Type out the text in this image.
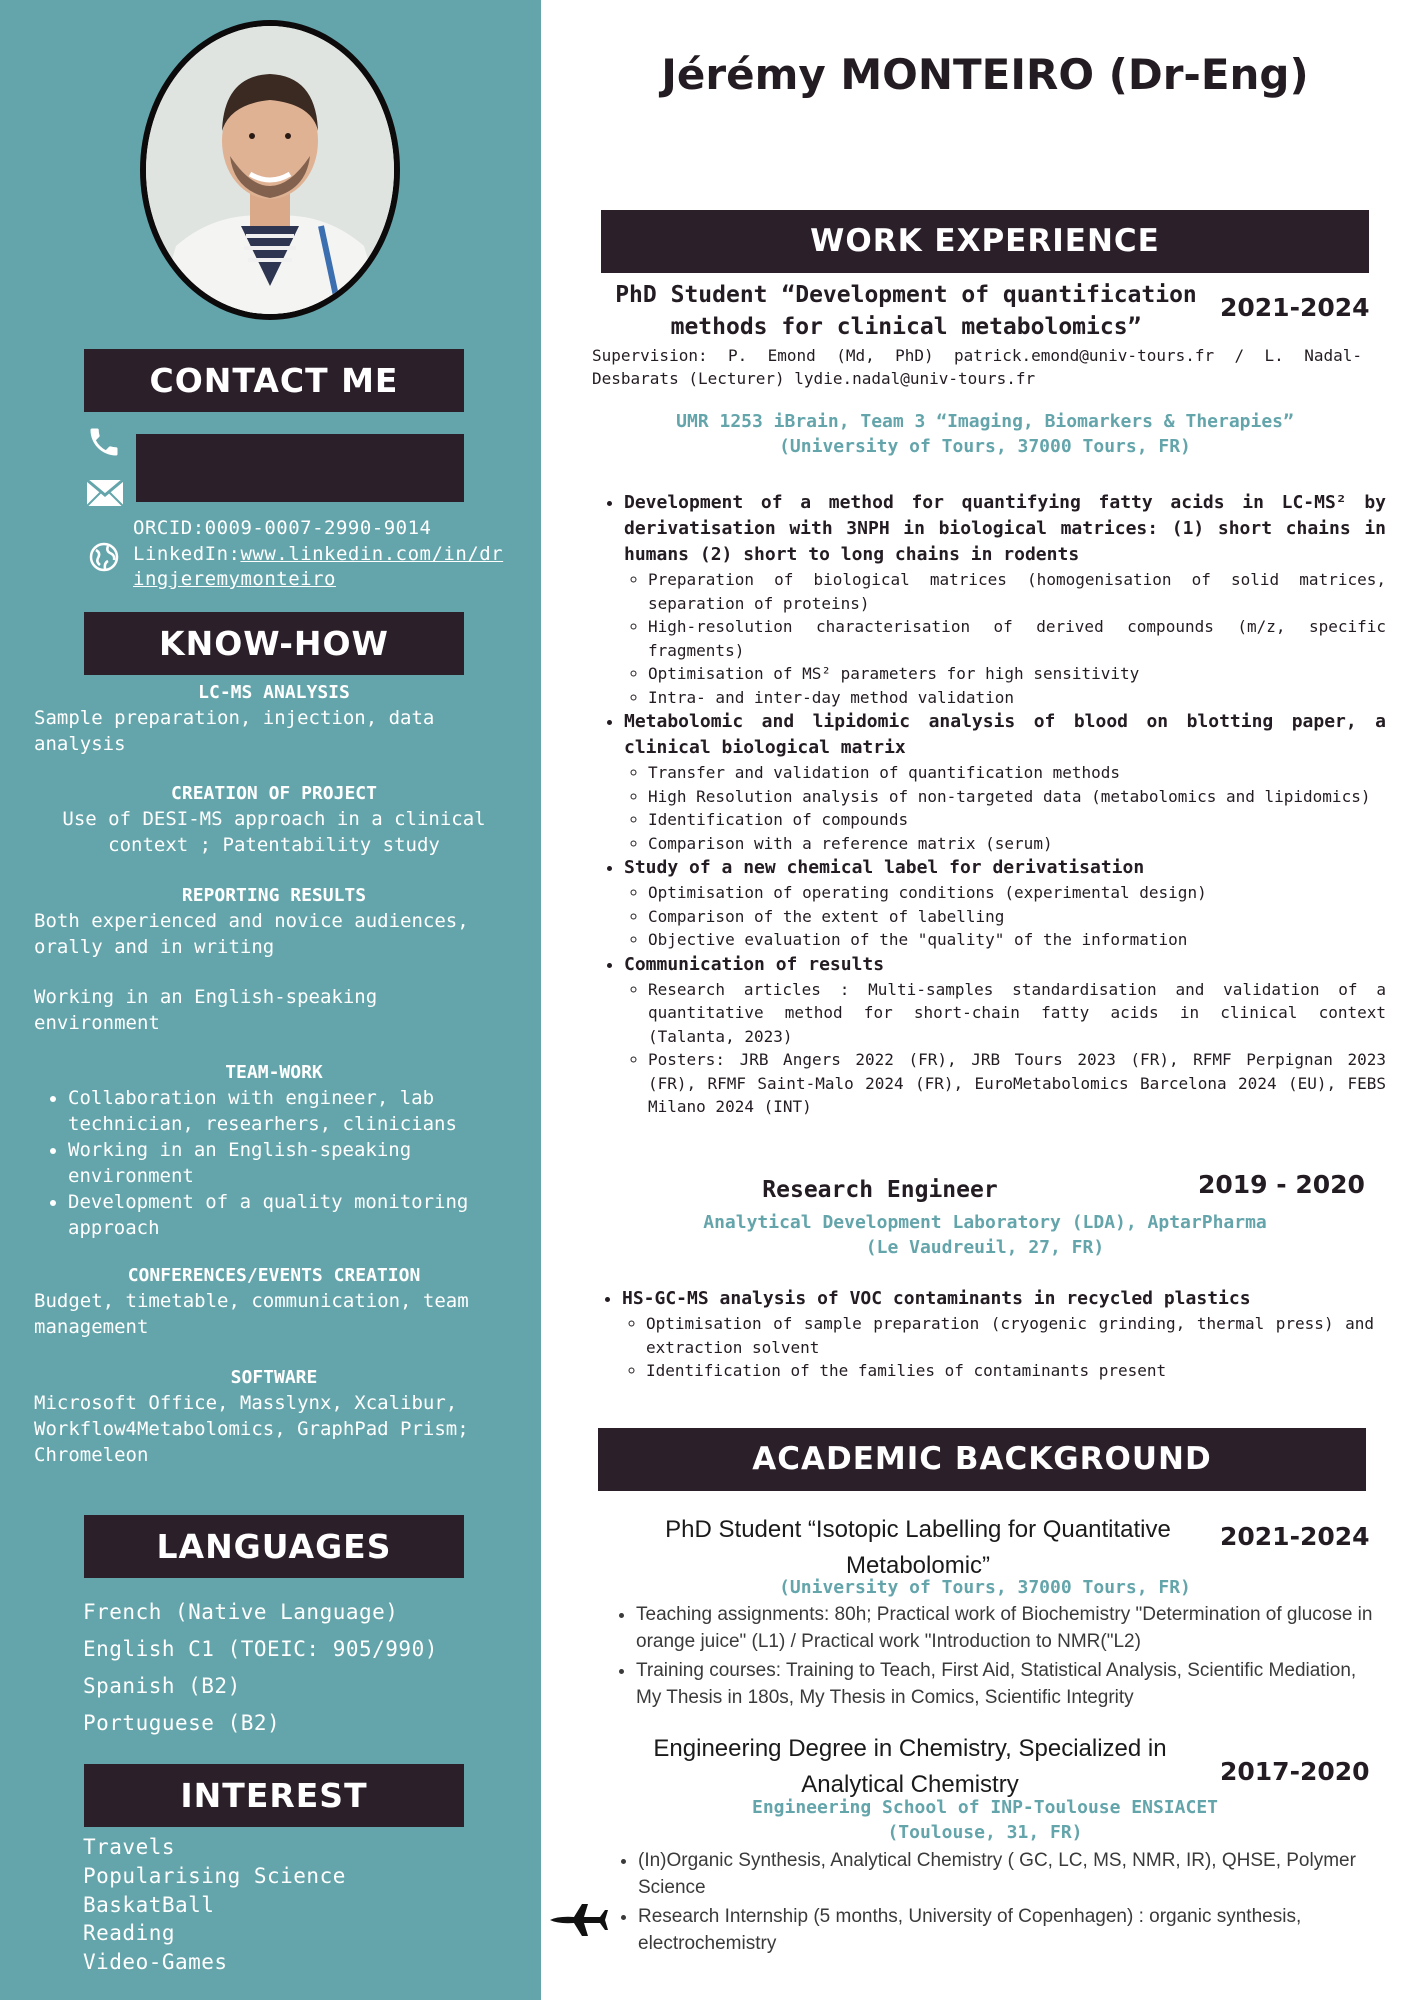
CONTACT ME
ORCID:0009-0007-2990-9014
LinkedIn:www.linkedin.com/in/dringjeremymonteiro
KNOW-HOW
LC-MS ANALYSIS
Sample preparation, injection, data analysis
CREATION OF PROJECT
Use of DESI-MS approach in a clinical context ; Patentability study
REPORTING RESULTS
Both experienced and novice audiences, orally and in writing
Working in an English-speaking environment
TEAM-WORK
• Collaboration with engineer, lab technician, researhers, clinicians
• Working in an English-speaking environment
• Development of a quality monitoring approach
CONFERENCES/EVENTS CREATION
Budget, timetable, communication, team management
SOFTWARE
Microsoft Office, Masslynx, Xcalibur, Workflow4Metabolomics, GraphPad Prism; Chromeleon
LANGUAGES
French (Native Language)
English C1 (TOEIC: 905/990)
Spanish (B2)
Portuguese (B2)
INTEREST
Travels
Popularising Science
BaskatBall
Reading
Video-Games
Jérémy MONTEIRO (Dr-Eng)
WORK EXPERIENCE
PhD Student “Development of quantification methods for clinical metabolomics”
2021-2024
Supervision: P. Emond (Md, PhD) patrick.emond@univ-tours.fr / L. Nadal-Desbarats (Lecturer) lydie.nadal@univ-tours.fr
UMR 1253 iBrain, Team 3 “Imaging, Biomarkers & Therapies”
(University of Tours, 37000 Tours, FR)
• Development of a method for quantifying fatty acids in LC-MS² by derivatisation with 3NPH in biological matrices: (1) short chains in humans (2) short to long chains in rodents
◦ Preparation of biological matrices (homogenisation of solid matrices, separation of proteins)
◦ High-resolution characterisation of derived compounds (m/z, specific fragments)
◦ Optimisation of MS² parameters for high sensitivity
◦ Intra- and inter-day method validation
• Metabolomic and lipidomic analysis of blood on blotting paper, a clinical biological matrix
◦ Transfer and validation of quantification methods
◦ High Resolution analysis of non-targeted data (metabolomics and lipidomics)
◦ Identification of compounds
◦ Comparison with a reference matrix (serum)
• Study of a new chemical label for derivatisation
◦ Optimisation of operating conditions (experimental design)
◦ Comparison of the extent of labelling
◦ Objective evaluation of the "quality" of the information
• Communication of results
◦ Research articles : Multi-samples standardisation and validation of a quantitative method for short-chain fatty acids in clinical context (Talanta, 2023)
◦ Posters: JRB Angers 2022 (FR), JRB Tours 2023 (FR), RFMF Perpignan 2023 (FR), RFMF Saint-Malo 2024 (FR), EuroMetabolomics Barcelona 2024 (EU), FEBS Milano 2024 (INT)
Research Engineer	2019 - 2020
Analytical Development Laboratory (LDA), AptarPharma
(Le Vaudreuil, 27, FR)
• HS-GC-MS analysis of VOC contaminants in recycled plastics
◦ Optimisation of sample preparation (cryogenic grinding, thermal press) and extraction solvent
◦ Identification of the families of contaminants present
ACADEMIC BACKGROUND
PhD Student “Isotopic Labelling for Quantitative Metabolomic”
2021-2024
(University of Tours, 37000 Tours, FR)
• Teaching assignments: 80h; Practical work of Biochemistry "Determination of glucose in orange juice" (L1) / Practical work "Introduction to NMR("L2)
• Training courses: Training to Teach, First Aid, Statistical Analysis, Scientific Mediation, My Thesis in 180s, My Thesis in Comics, Scientific Integrity
Engineering Degree in Chemistry, Specialized in Analytical Chemistry	2017-2020
Engineering School of INP-Toulouse ENSIACET
(Toulouse, 31, FR)
• (In)Organic Synthesis, Analytical Chemistry ( GC, LC, MS, NMR, IR), QHSE, Polymer Science
• Research Internship (5 months, University of Copenhagen) : organic synthesis, electrochemistry
